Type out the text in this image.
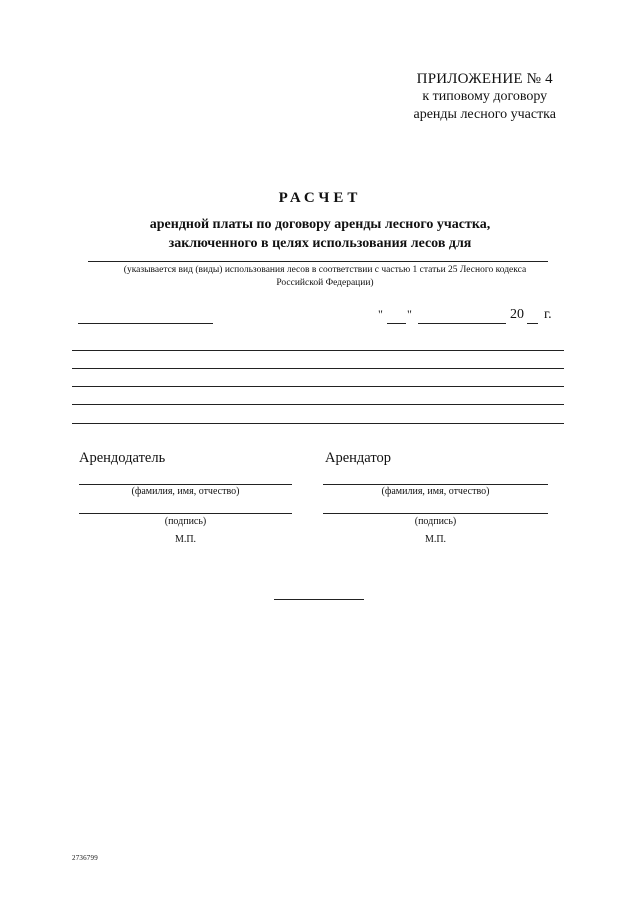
ПРИЛОЖЕНИЕ № 4
к типовому договору
аренды лесного участка
РАСЧЕТ
арендной платы по договору аренды лесного участка,
заключенного в целях использования лесов для
(указывается вид (виды) использования лесов в соответствии с частью 1 статьи 25 Лесного кодекса
Российской Федерации)
" "	20 г.
Арендодатель
(фамилия, имя, отчество)
(подпись)
М.П.
Арендатор
(фамилия, имя, отчество)
(подпись)
М.П.
2736799
